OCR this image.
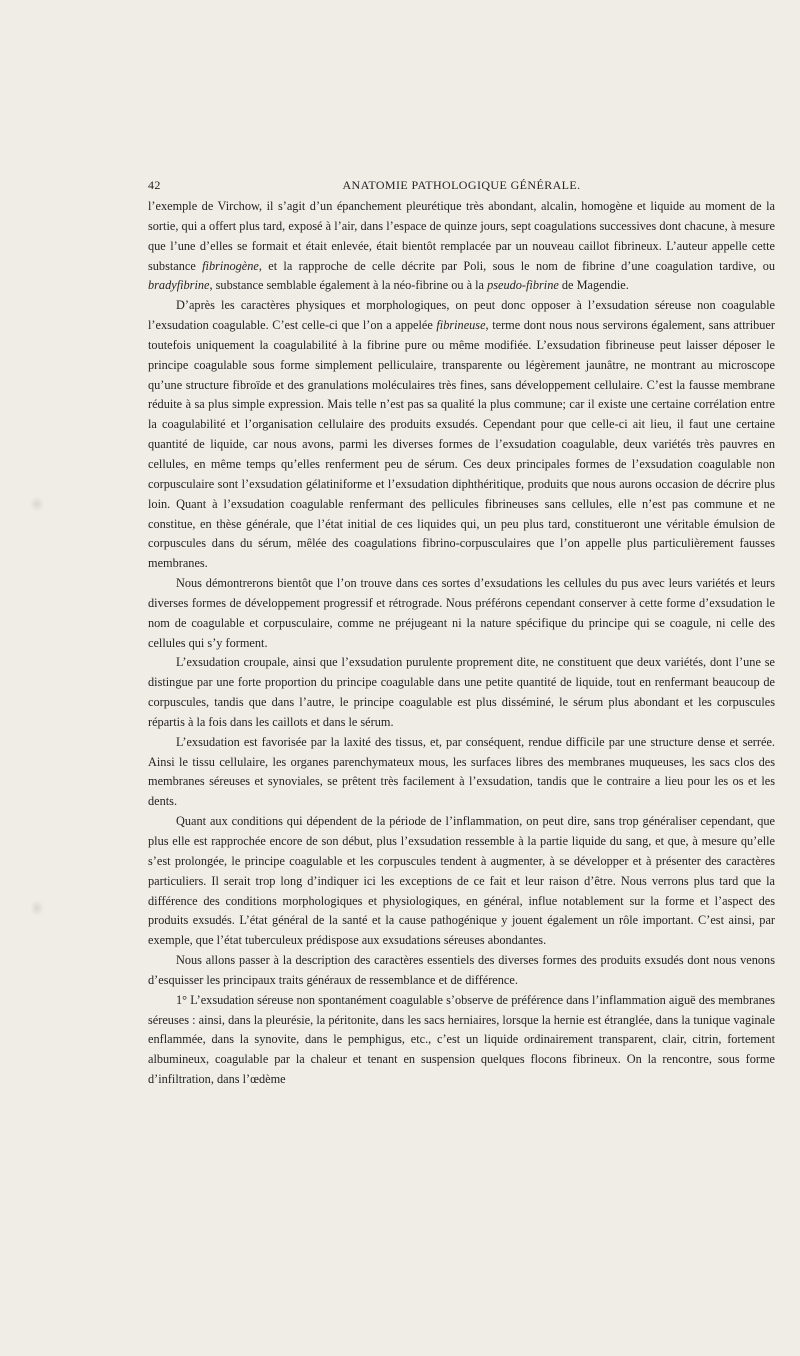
42	ANATOMIE PATHOLOGIQUE GÉNÉRALE.

l’exemple de Virchow, il s’agit d’un épanchement pleurétique très abondant, alcalin, homogène et liquide au moment de la sortie, qui a offert plus tard, exposé à l’air, dans l’espace de quinze jours, sept coagulations successives dont chacune, à mesure que l’une d’elles se formait et était enlevée, était bientôt remplacée par un nouveau caillot fibrineux. L’auteur appelle cette substance fibrinogène, et la rapproche de celle décrite par Poli, sous le nom de fibrine d’une coagulation tardive, ou bradyfibrine, substance semblable également à la néo-fibrine ou à la pseudo-fibrine de Magendie.

D’après les caractères physiques et morphologiques, on peut donc opposer à l’exsudation séreuse non coagulable l’exsudation coagulable. C’est celle-ci que l’on a appelée fibrineuse, terme dont nous nous servirons également, sans attribuer toutefois uniquement la coagulabilité à la fibrine pure ou même modifiée. L’exsudation fibrineuse peut laisser déposer le principe coagulable sous forme simplement pelliculaire, transparente ou légèrement jaunâtre, ne montrant au microscope qu’une structure fibroïde et des granulations moléculaires très fines, sans développement cellulaire. C’est la fausse membrane réduite à sa plus simple expression. Mais telle n’est pas sa qualité la plus commune; car il existe une certaine corrélation entre la coagulabilité et l’organisation cellulaire des produits exsudés. Cependant pour que celle-ci ait lieu, il faut une certaine quantité de liquide, car nous avons, parmi les diverses formes de l’exsudation coagulable, deux variétés très pauvres en cellules, en même temps qu’elles renferment peu de sérum. Ces deux principales formes de l’exsudation coagulable non corpusculaire sont l’exsudation gélatiniforme et l’exsudation diphthéritique, produits que nous aurons occasion de décrire plus loin. Quant à l’exsudation coagulable renfermant des pellicules fibrineuses sans cellules, elle n’est pas commune et ne constitue, en thèse générale, que l’état initial de ces liquides qui, un peu plus tard, constitueront une véritable émulsion de corpuscules dans du sérum, mêlée des coagulations fibrino-corpusculaires que l’on appelle plus particulièrement fausses membranes.

Nous démontrerons bientôt que l’on trouve dans ces sortes d’exsudations les cellules du pus avec leurs variétés et leurs diverses formes de développement progressif et rétrograde. Nous préférons cependant conserver à cette forme d’exsudation le nom de coagulable et corpusculaire, comme ne préjugeant ni la nature spécifique du principe qui se coagule, ni celle des cellules qui s’y forment.

L’exsudation croupale, ainsi que l’exsudation purulente proprement dite, ne constituent que deux variétés, dont l’une se distingue par une forte proportion du principe coagulable dans une petite quantité de liquide, tout en renfermant beaucoup de corpuscules, tandis que dans l’autre, le principe coagulable est plus disséminé, le sérum plus abondant et les corpuscules répartis à la fois dans les caillots et dans le sérum.

L’exsudation est favorisée par la laxité des tissus, et, par conséquent, rendue difficile par une structure dense et serrée. Ainsi le tissu cellulaire, les organes parenchymateux mous, les surfaces libres des membranes muqueuses, les sacs clos des membranes séreuses et synoviales, se prêtent très facilement à l’exsudation, tandis que le contraire a lieu pour les os et les dents.

Quant aux conditions qui dépendent de la période de l’inflammation, on peut dire, sans trop généraliser cependant, que plus elle est rapprochée encore de son début, plus l’exsudation ressemble à la partie liquide du sang, et que, à mesure qu’elle s’est prolongée, le principe coagulable et les corpuscules tendent à augmenter, à se développer et à présenter des caractères particuliers. Il serait trop long d’indiquer ici les exceptions de ce fait et leur raison d’être. Nous verrons plus tard que la différence des conditions morphologiques et physiologiques, en général, influe notablement sur la forme et l’aspect des produits exsudés. L’état général de la santé et la cause pathogénique y jouent également un rôle important. C’est ainsi, par exemple, que l’état tuberculeux prédispose aux exsudations séreuses abondantes.

Nous allons passer à la description des caractères essentiels des diverses formes des produits exsudés dont nous venons d’esquisser les principaux traits généraux de ressemblance et de différence.

1° L’exsudation séreuse non spontanément coagulable s’observe de préférence dans l’inflammation aiguë des membranes séreuses : ainsi, dans la pleurésie, la péritonite, dans les sacs herniaires, lorsque la hernie est étranglée, dans la tunique vaginale enflammée, dans la synovite, dans le pemphigus, etc., c’est un liquide ordinairement transparent, clair, citrin, fortement albumineux, coagulable par la chaleur et tenant en suspension quelques flocons fibrineux. On la rencontre, sous forme d’infiltration, dans l’œdème
